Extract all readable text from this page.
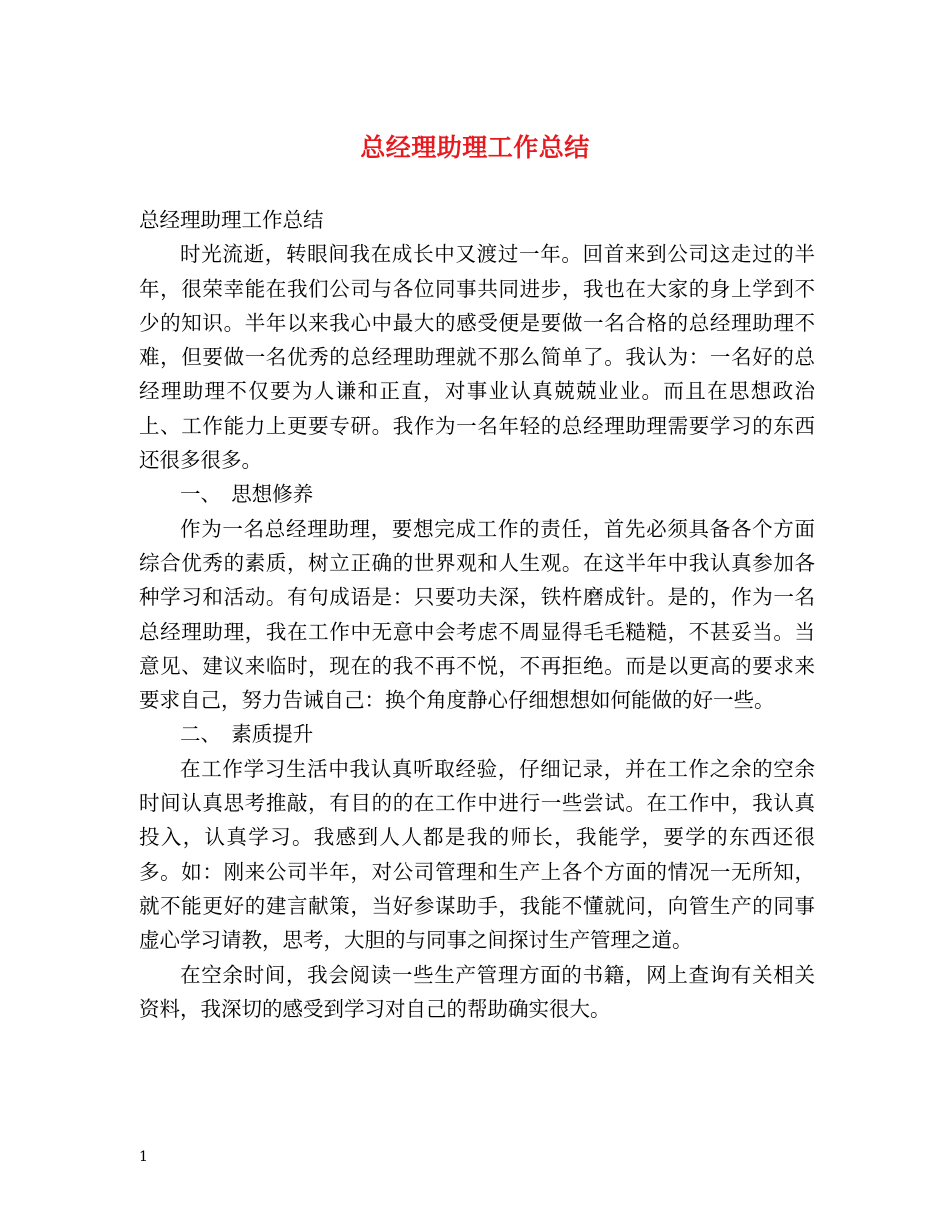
总经理助理工作总结

总经理助理工作总结

时光流逝，转眼间我在成长中又渡过一年。回首来到公司这走过的半年，很荣幸能在我们公司与各位同事共同进步，我也在大家的身上学到不少的知识。半年以来我心中最大的感受便是要做一名合格的总经理助理不难，但要做一名优秀的总经理助理就不那么简单了。我认为：一名好的总经理助理不仅要为人谦和正直，对事业认真兢兢业业。而且在思想政治上、工作能力上更要专研。我作为一名年轻的总经理助理需要学习的东西还很多很多。

一、　思想修养

作为一名总经理助理，要想完成工作的责任，首先必须具备各个方面综合优秀的素质，树立正确的世界观和人生观。在这半年中我认真参加各种学习和活动。有句成语是：只要功夫深，铁杵磨成针。是的，作为一名总经理助理，我在工作中无意中会考虑不周显得毛毛糙糙，不甚妥当。当意见、建议来临时，现在的我不再不悦，不再拒绝。而是以更高的要求来要求自己，努力告诫自己：换个角度静心仔细想想如何能做的好一些。

二、　素质提升

在工作学习生活中我认真听取经验，仔细记录，并在工作之余的空余时间认真思考推敲，有目的的在工作中进行一些尝试。在工作中，我认真投入，认真学习。我感到人人都是我的师长，我能学，要学的东西还很多。如：刚来公司半年，对公司管理和生产上各个方面的情况一无所知，就不能更好的建言献策，当好参谋助手，我能不懂就问，向管生产的同事虚心学习请教，思考，大胆的与同事之间探讨生产管理之道。

在空余时间，我会阅读一些生产管理方面的书籍，网上查询有关相关资料，我深切的感受到学习对自己的帮助确实很大。

1
